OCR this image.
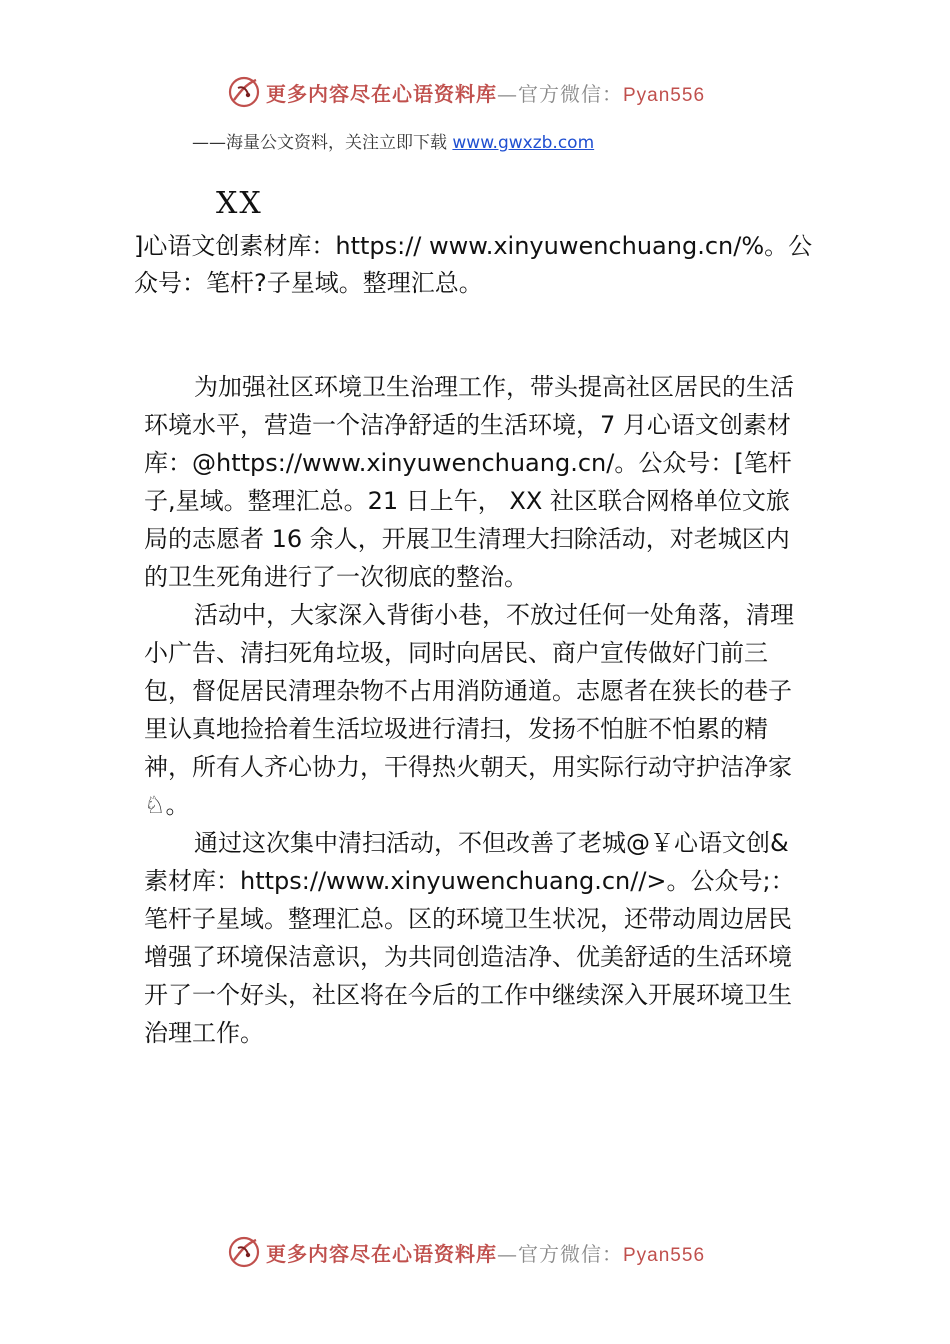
更多内容尽在心语资料库—官方微信：Pyan556
——海量公文资料，关注立即下载 www.gwxzb.com
XX
]心语文创素材库：https:// www.xinyuwenchuang.cn/%。公众号：笔杆?子星域。整理汇总。

为加强社区环境卫生治理工作，带头提高社区居民的生活环境水平，营造一个洁净舒适的生活环境，7 月心语文创素材库：@https://www.xinyuwenchuang.cn/。公众号：[笔杆子,星域。整理汇总。21 日上午， XX 社区联合网格单位文旅局的志愿者 16 余人，开展卫生清理大扫除活动，对老城区内的卫生死角进行了一次彻底的整治。

活动中，大家深入背街小巷，不放过任何一处角落，清理小广告、清扫死角垃圾，同时向居民、商户宣传做好门前三包，督促居民清理杂物不占用消防通道。志愿者在狭长的巷子里认真地捡拾着生活垃圾进行清扫，发扬不怕脏不怕累的精神，所有人齐心协力，干得热火朝天，用实际行动守护洁净家♘。

通过这次集中清扫活动，不但改善了老城@￥心语文创&素材库：https://www.xinyuwenchuang.cn//>。公众号;：笔杆子星域。整理汇总。区的环境卫生状况，还带动周边居民增强了环境保洁意识，为共同创造洁净、优美舒适的生活环境开了一个好头，社区将在今后的工作中继续深入开展环境卫生治理工作。

更多内容尽在心语资料库—官方微信：Pyan556
